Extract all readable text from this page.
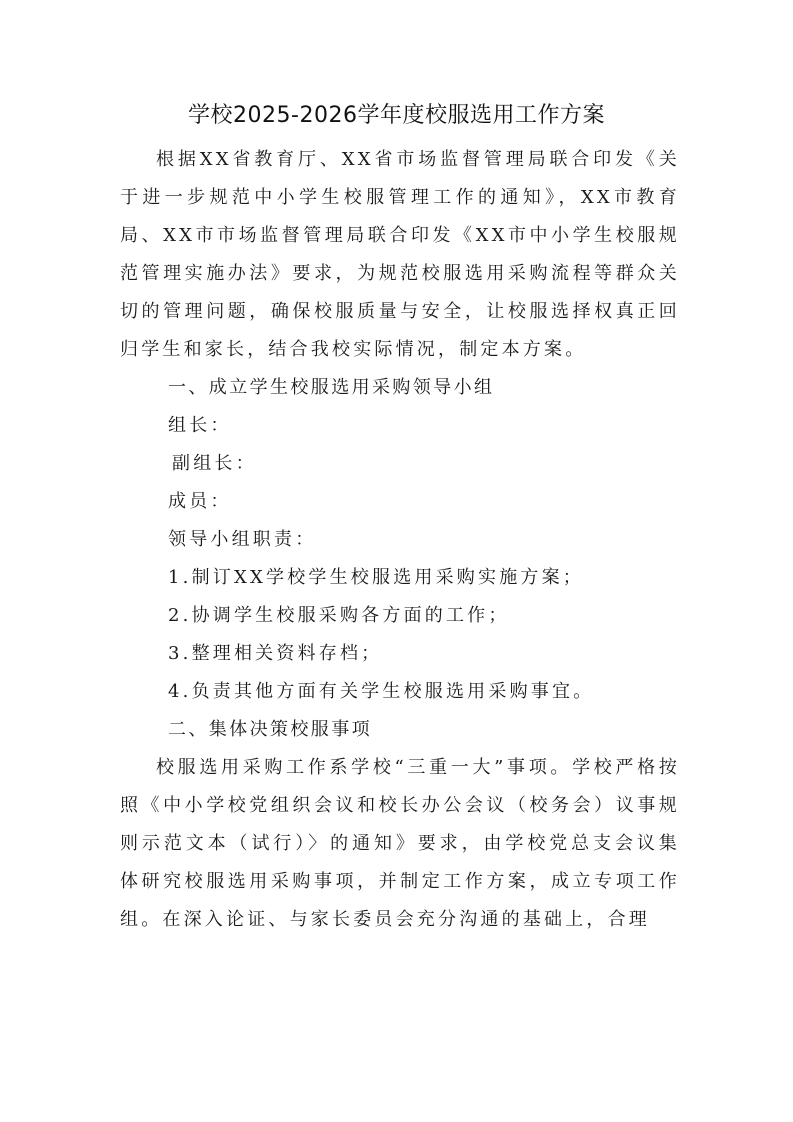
学校2025-2026学年度校服选用工作方案

根据XX省教育厅、XX省市场监督管理局联合印发《关于进一步规范中小学生校服管理工作的通知》，XX市教育局、XX市市场监督管理局联合印发《XX市中小学生校服规范管理实施办法》要求，为规范校服选用采购流程等群众关切的管理问题，确保校服质量与安全，让校服选择权真正回归学生和家长，结合我校实际情况，制定本方案。

一、成立学生校服选用采购领导小组

组长：

副组长：

成员：

领导小组职责：

1.制订XX学校学生校服选用采购实施方案；

2.协调学生校服采购各方面的工作；

3.整理相关资料存档；

4.负责其他方面有关学生校服选用采购事宜。

二、集体决策校服事项

校服选用采购工作系学校“三重一大”事项。学校严格按照《中小学校党组织会议和校长办公会议（校务会）议事规则示范文本（试行）〉的通知》要求，由学校党总支会议集体研究校服选用采购事项，并制定工作方案，成立专项工作组。在深入论证、与家长委员会充分沟通的基础上，合理
